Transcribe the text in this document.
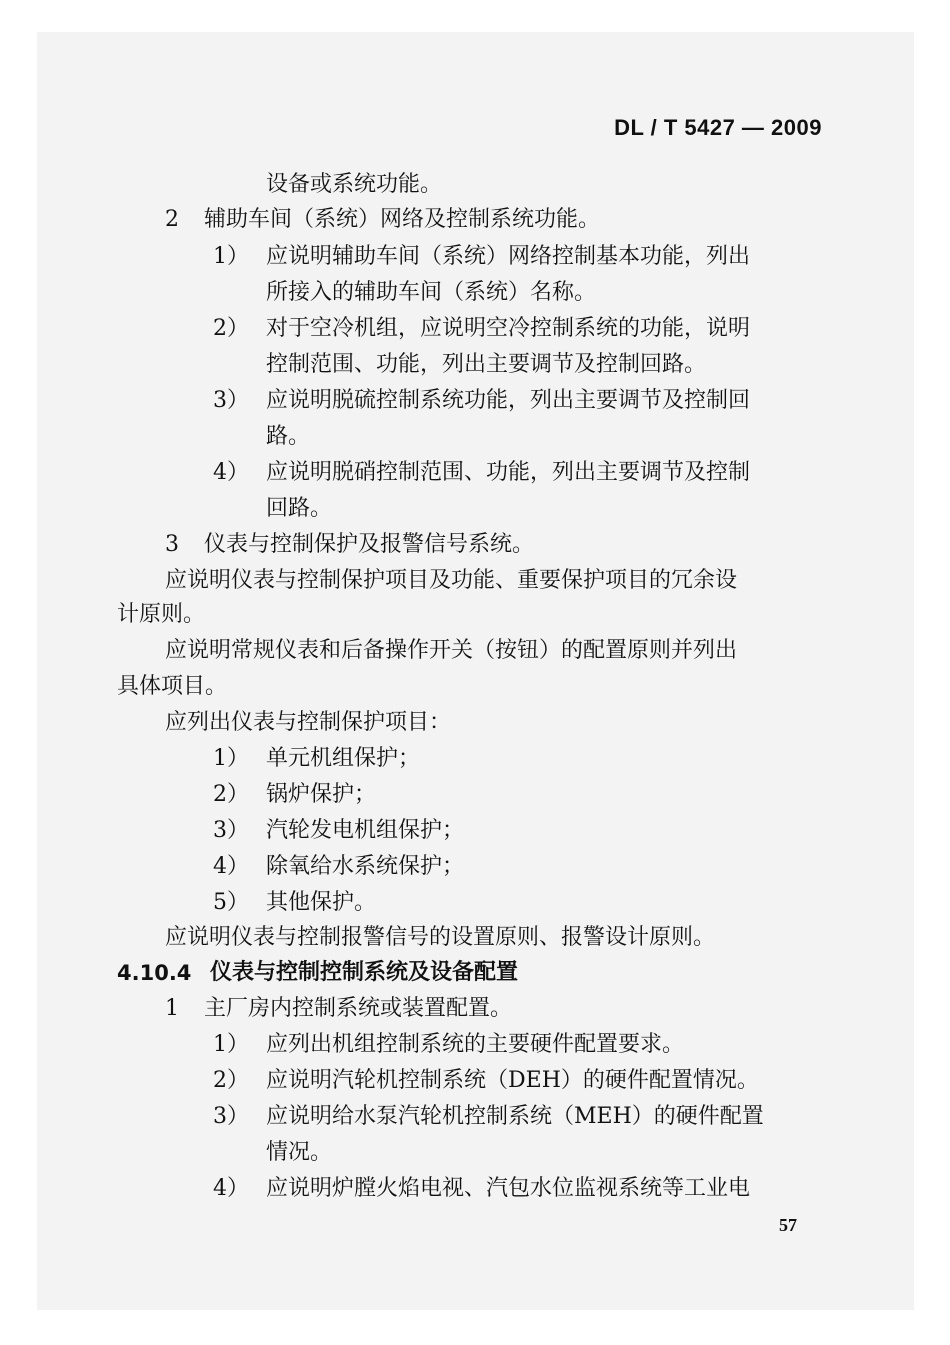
DL / T 5427 — 2009
2
1）
2）
3）
4）
3
1）
2）
3）
4）
5）
4.10.4
1
1）
2）
3）
4）
设备或系统功能。
辅助车间（系统）网络及控制系统功能。
应说明辅助车间（系统）网络控制基本功能，列出
所接入的辅助车间（系统）名称。
对于空冷机组，应说明空冷控制系统的功能，说明
控制范围、功能，列出主要调节及控制回路。
应说明脱硫控制系统功能，列出主要调节及控制回
路。
应说明脱硝控制范围、功能，列出主要调节及控制
回路。
仪表与控制保护及报警信号系统。
应说明仪表与控制保护项目及功能、重要保护项目的冗余设
计原则。
应说明常规仪表和后备操作开关（按钮）的配置原则并列出
具体项目。
应列出仪表与控制保护项目：
单元机组保护；
锅炉保护；
汽轮发电机组保护；
除氧给水系统保护；
其他保护。
应说明仪表与控制报警信号的设置原则、报警设计原则。
仪表与控制控制系统及设备配置
主厂房内控制系统或装置配置。
应列出机组控制系统的主要硬件配置要求。
应说明汽轮机控制系统（DEH）的硬件配置情况。
应说明给水泵汽轮机控制系统（MEH）的硬件配置
情况。
应说明炉膛火焰电视、汽包水位监视系统等工业电
57
